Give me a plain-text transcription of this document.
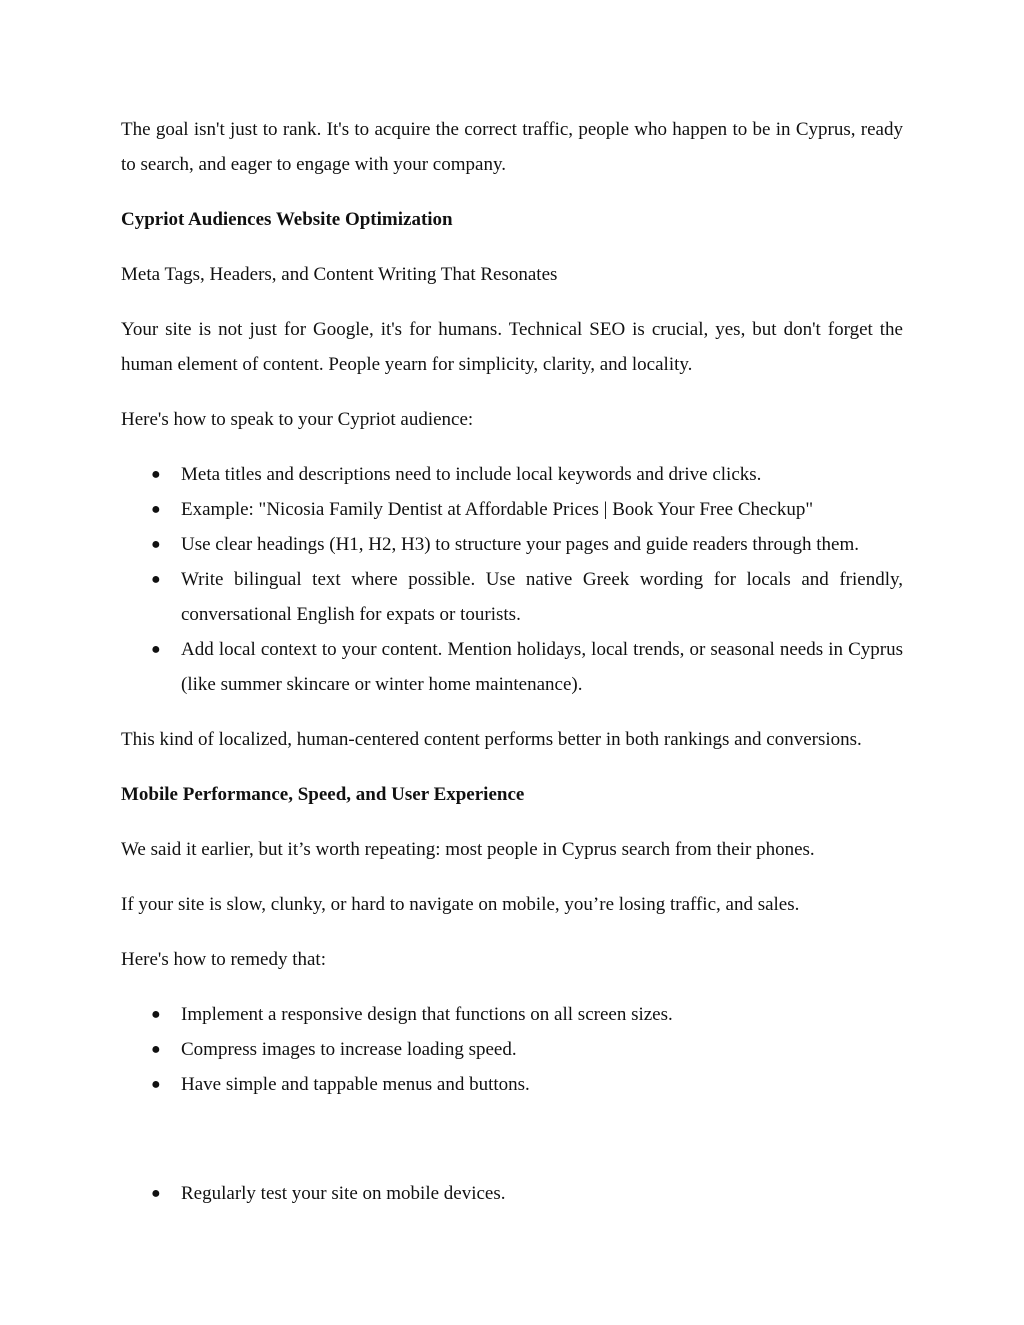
The goal isn't just to rank. It's to acquire the correct traffic, people who happen to be in Cyprus, ready to search, and eager to engage with your company.

Cypriot Audiences Website Optimization

Meta Tags, Headers, and Content Writing That Resonates

Your site is not just for Google, it's for humans. Technical SEO is crucial, yes, but don't forget the human element of content. People yearn for simplicity, clarity, and locality.

Here's how to speak to your Cypriot audience:

● Meta titles and descriptions need to include local keywords and drive clicks.
● Example: "Nicosia Family Dentist at Affordable Prices | Book Your Free Checkup"
● Use clear headings (H1, H2, H3) to structure your pages and guide readers through them.
● Write bilingual text where possible. Use native Greek wording for locals and friendly, conversational English for expats or tourists.
● Add local context to your content. Mention holidays, local trends, or seasonal needs in Cyprus (like summer skincare or winter home maintenance).

This kind of localized, human-centered content performs better in both rankings and conversions.

Mobile Performance, Speed, and User Experience

We said it earlier, but it’s worth repeating: most people in Cyprus search from their phones.

If your site is slow, clunky, or hard to navigate on mobile, you’re losing traffic, and sales.

Here's how to remedy that:

● Implement a responsive design that functions on all screen sizes.
● Compress images to increase loading speed.
● Have simple and tappable menus and buttons.
● Regularly test your site on mobile devices.
